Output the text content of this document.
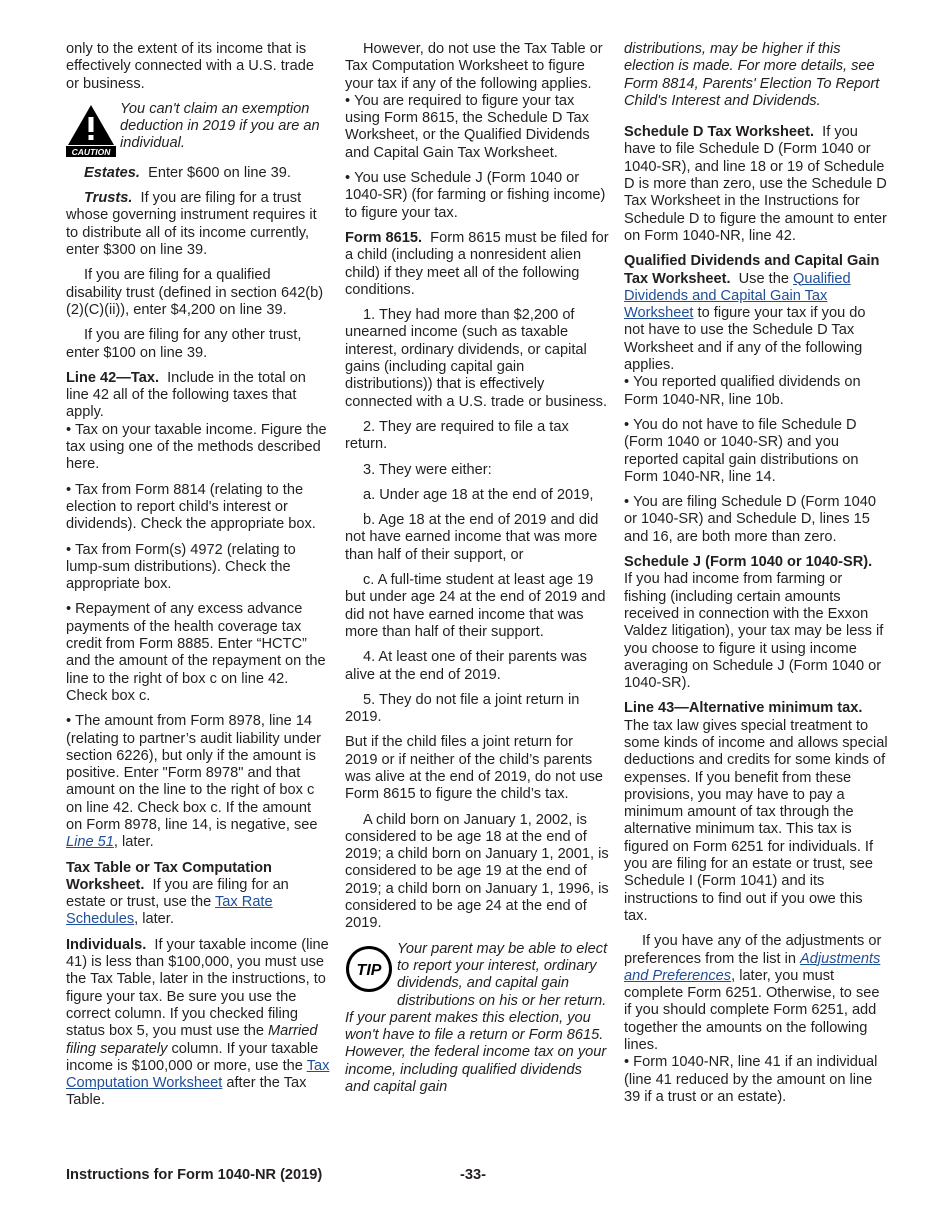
only to the extent of its income that is effectively connected with a U.S. trade or business.

CAUTION
You can't claim an exemption deduction in 2019 if you are an individual.

Estates. Enter $600 on line 39.

Trusts. If you are filing for a trust whose governing instrument requires it to distribute all of its income currently, enter $300 on line 39.

If you are filing for a qualified disability trust (defined in section 642(b)(2)(C)(ii)), enter $4,200 on line 39.

If you are filing for any other trust, enter $100 on line 39.

Line 42—Tax. Include in the total on line 42 all of the following taxes that apply.

• Tax on your taxable income. Figure the tax using one of the methods described here.

• Tax from Form 8814 (relating to the election to report child's interest or dividends). Check the appropriate box.

• Tax from Form(s) 4972 (relating to lump-sum distributions). Check the appropriate box.

• Repayment of any excess advance payments of the health coverage tax credit from Form 8885. Enter “HCTC” and the amount of the repayment on the line to the right of box c on line 42. Check box c.

• The amount from Form 8978, line 14 (relating to partner’s audit liability under section 6226), but only if the amount is positive. Enter "Form 8978" and that amount on the line to the right of box c on line 42. Check box c. If the amount on Form 8978, line 14, is negative, see Line 51, later.

Tax Table or Tax Computation Worksheet. If you are filing for an estate or trust, use the Tax Rate Schedules, later.

Individuals. If your taxable income (line 41) is less than $100,000, you must use the Tax Table, later in the instructions, to figure your tax. Be sure you use the correct column. If you checked filing status box 5, you must use the Married filing separately column. If your taxable income is $100,000 or more, use the Tax Computation Worksheet after the Tax Table.

However, do not use the Tax Table or Tax Computation Worksheet to figure your tax if any of the following applies.

• You are required to figure your tax using Form 8615, the Schedule D Tax Worksheet, or the Qualified Dividends and Capital Gain Tax Worksheet.

• You use Schedule J (Form 1040 or 1040-SR) (for farming or fishing income) to figure your tax.

Form 8615. Form 8615 must be filed for a child (including a nonresident alien child) if they meet all of the following conditions.

1. They had more than $2,200 of unearned income (such as taxable interest, ordinary dividends, or capital gains (including capital gain distributions)) that is effectively connected with a U.S. trade or business.

2. They are required to file a tax return.

3. They were either:

a. Under age 18 at the end of 2019,

b. Age 18 at the end of 2019 and did not have earned income that was more than half of their support, or

c. A full-time student at least age 19 but under age 24 at the end of 2019 and did not have earned income that was more than half of their support.

4. At least one of their parents was alive at the end of 2019.

5. They do not file a joint return in 2019.

But if the child files a joint return for 2019 or if neither of the child’s parents was alive at the end of 2019, do not use Form 8615 to figure the child’s tax.

A child born on January 1, 2002, is considered to be age 18 at the end of 2019; a child born on January 1, 2001, is considered to be age 19 at the end of 2019; a child born on January 1, 1996, is considered to be age 24 at the end of 2019.

TIP
Your parent may be able to elect to report your interest, ordinary dividends, and capital gain distributions on his or her return. If your parent makes this election, you won't have to file a return or Form 8615. However, the federal income tax on your income, including qualified dividends and capital gain

distributions, may be higher if this election is made. For more details, see Form 8814, Parents' Election To Report Child's Interest and Dividends.

Schedule D Tax Worksheet. If you have to file Schedule D (Form 1040 or 1040-SR), and line 18 or 19 of Schedule D is more than zero, use the Schedule D Tax Worksheet in the Instructions for Schedule D to figure the amount to enter on Form 1040-NR, line 42.

Qualified Dividends and Capital Gain Tax Worksheet. Use the Qualified Dividends and Capital Gain Tax Worksheet to figure your tax if you do not have to use the Schedule D Tax Worksheet and if any of the following applies.

• You reported qualified dividends on Form 1040-NR, line 10b.

• You do not have to file Schedule D (Form 1040 or 1040-SR) and you reported capital gain distributions on Form 1040-NR, line 14.

• You are filing Schedule D (Form 1040 or 1040-SR) and Schedule D, lines 15 and 16, are both more than zero.

Schedule J (Form 1040 or 1040-SR).  If you had income from farming or fishing (including certain amounts received in connection with the Exxon Valdez litigation), your tax may be less if you choose to figure it using income averaging on Schedule J (Form 1040 or 1040-SR).

Line 43—Alternative minimum tax. The tax law gives special treatment to some kinds of income and allows special deductions and credits for some kinds of expenses. If you benefit from these provisions, you may have to pay a minimum amount of tax through the alternative minimum tax. This tax is figured on Form 6251 for individuals. If you are filing for an estate or trust, see Schedule I (Form 1041) and its instructions to find out if you owe this tax.

If you have any of the adjustments or preferences from the list in Adjustments and Preferences, later, you must complete Form 6251. Otherwise, to see if you should complete Form 6251, add together the amounts on the following lines.

• Form 1040-NR, line 41 if an individual (line 41 reduced by the amount on line 39 if a trust or an estate).

Instructions for Form 1040-NR (2019)	-33-
